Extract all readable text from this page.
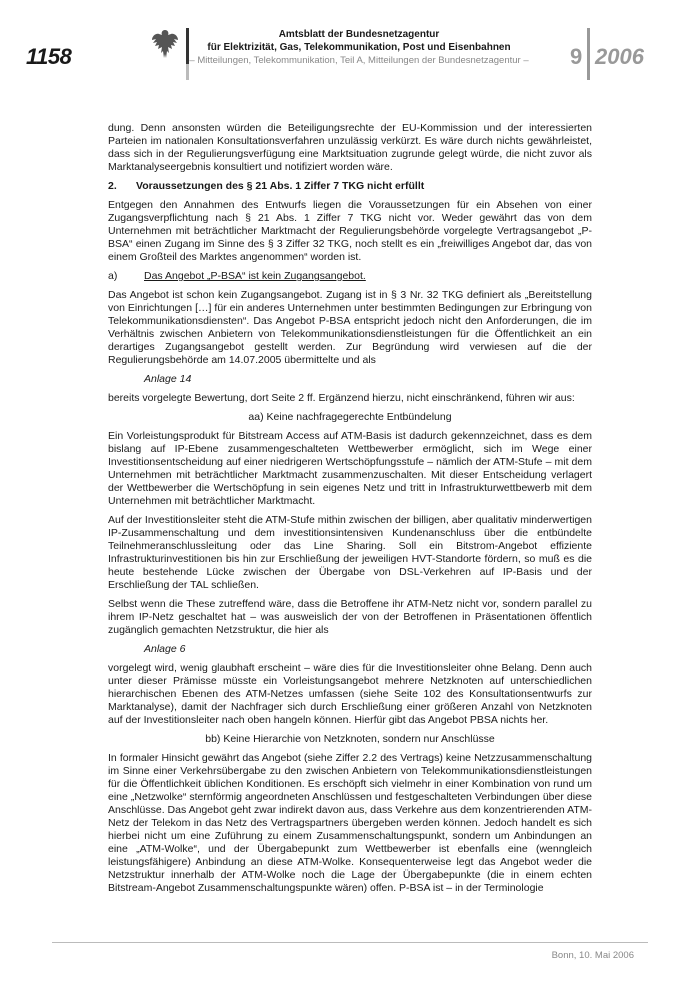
1158
Amtsblatt der Bundesnetzagentur
für Elektrizität, Gas, Telekommunikation, Post und Eisenbahnen
– Mitteilungen, Telekommunikation, Teil A, Mitteilungen der Bundesnetzagentur –	9 2006

dung. Denn ansonsten würden die Beteiligungsrechte der EU-Kommission und der interessierten Parteien im nationalen Konsultationsverfahren unzulässig verkürzt. Es wäre durch nichts gewährleistet, dass sich in der Regulierungsverfügung eine Marktsituation zugrunde gelegt würde, die nicht zuvor als Marktanalyseergebnis konsultiert und notifiziert worden wäre.

2. Voraussetzungen des § 21 Abs. 1 Ziffer 7 TKG nicht erfüllt

Entgegen den Annahmen des Entwurfs liegen die Voraussetzungen für ein Absehen von einer Zugangsverpflichtung nach § 21 Abs. 1 Ziffer 7 TKG nicht vor. Weder gewährt das von dem Unternehmen mit beträchtlicher Marktmacht der Regulierungsbehörde vorgelegte Vertragsangebot „P-BSA“ einen Zugang im Sinne des § 3 Ziffer 32 TKG, noch stellt es ein „freiwilliges Angebot dar, das von einem Großteil des Marktes angenommen“ worden ist.

a)	Das Angebot „P-BSA“ ist kein Zugangsangebot.

Das Angebot ist schon kein Zugangsangebot. Zugang ist in § 3 Nr. 32 TKG definiert als „Bereitstellung von Einrichtungen […] für ein anderes Unternehmen unter bestimmten Bedingungen zur Erbringung von Telekommunikationsdiensten“. Das Angebot P-BSA entspricht jedoch nicht den Anforderungen, die im Verhältnis zwischen Anbietern von Telekommunikationsdienstleistungen für die Öffentlichkeit an ein derartiges Zugangsangebot gestellt werden. Zur Begründung wird verwiesen auf die der Regulierungsbehörde am 14.07.2005 übermittelte und als

Anlage 14

bereits vorgelegte Bewertung, dort Seite 2 ff. Ergänzend hierzu, nicht einschränkend, führen wir aus:

aa) Keine nachfragegerechte Entbündelung

Ein Vorleistungsprodukt für Bitstream Access auf ATM-Basis ist dadurch gekennzeichnet, dass es dem bislang auf IP-Ebene zusammengeschalteten Wettbewerber ermöglicht, sich im Wege einer Investitionsentscheidung auf einer niedrigeren Wertschöpfungsstufe – nämlich der ATM-Stufe – mit dem Unternehmen mit beträchtlicher Marktmacht zusammenzuschalten. Mit dieser Entscheidung verlagert der Wettbewerber die Wertschöpfung in sein eigenes Netz und tritt in Infrastrukturwettbewerb mit dem Unternehmen mit beträchtlicher Marktmacht.

Auf der Investitionsleiter steht die ATM-Stufe mithin zwischen der billigen, aber qualitativ minderwertigen IP-Zusammenschaltung und dem investitionsintensiven Kundenanschluss über die entbündelte Teilnehmeranschlussleitung oder das Line Sharing. Soll ein Bitstrom-Angebot effiziente Infrastrukturinvestitionen bis hin zur Erschließung der jeweiligen HVT-Standorte fördern, so muß es die heute bestehende Lücke zwischen der Übergabe von DSL-Verkehren auf IP-Basis und der Erschließung der TAL schließen.

Selbst wenn die These zutreffend wäre, dass die Betroffene ihr ATM-Netz nicht vor, sondern parallel zu ihrem IP-Netz geschaltet hat – was ausweislich der von der Betroffenen in Präsentationen öffentlich zugänglich gemachten Netzstruktur, die hier als

Anlage 6

vorgelegt wird, wenig glaubhaft erscheint – wäre dies für die Investitionsleiter ohne Belang. Denn auch unter dieser Prämisse müsste ein Vorleistungsangebot mehrere Netzknoten auf unterschiedlichen hierarchischen Ebenen des ATM-Netzes umfassen (siehe Seite 102 des Konsultationsentwurfs zur Marktanalyse), damit der Nachfrager sich durch Erschließung einer größeren Anzahl von Netzknoten auf der Investitionsleiter nach oben hangeln können. Hierfür gibt das Angebot PBSA nichts her.

bb) Keine Hierarchie von Netzknoten, sondern nur Anschlüsse

In formaler Hinsicht gewährt das Angebot (siehe Ziffer 2.2 des Vertrags) keine Netzzusammenschaltung im Sinne einer Verkehrsübergabe zu den zwischen Anbietern von Telekommunikationsdienstleistungen für die Öffentlichkeit üblichen Konditionen. Es erschöpft sich vielmehr in einer Kombination von rund um eine „Netzwolke“ sternförmig angeordneten Anschlüssen und festgeschalteten Verbindungen über diese Anschlüsse. Das Angebot geht zwar indirekt davon aus, dass Verkehre aus dem konzentrierenden ATM-Netz der Telekom in das Netz des Vertragspartners übergeben werden können. Jedoch handelt es sich hierbei nicht um eine Zuführung zu einem Zusammenschaltungspunkt, sondern um Anbindungen an eine „ATM-Wolke“, und der Übergabepunkt zum Wettbewerber ist ebenfalls eine (wenngleich leistungsfähigere) Anbindung an diese ATM-Wolke. Konsequenterweise legt das Angebot weder die Netzstruktur innerhalb der ATM-Wolke noch die Lage der Übergabepunkte (die in einem echten Bitstream-Angebot Zusammenschaltungspunkte wären) offen. P-BSA ist – in der Terminologie

Bonn, 10. Mai 2006
